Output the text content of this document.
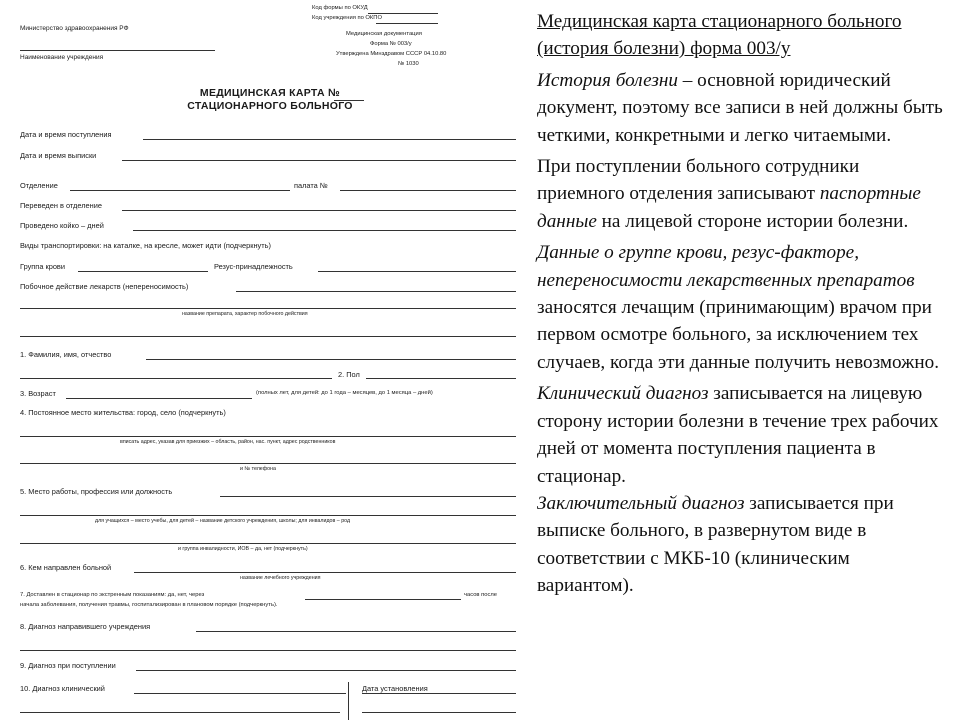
Министерство здравоохранения РФ
Наименование учреждения
Код формы по ОКУД
Код учреждения по ОКПО
Медицинская документация
Форма № 003/у
Утверждена Минздравом СССР 04.10.80
№ 1030
МЕДИЦИНСКАЯ КАРТА №
СТАЦИОНАРНОГО БОЛЬНОГО
Дата и время поступления
Дата и время выписки
Отделение	палата №
Переведен в отделение
Проведено койко – дней
Виды транспортировки: на каталке, на кресле, может идти (подчеркнуть)
Группа крови	Резус-принадлежность
Побочное действие лекарств (непереносимость)
название препарата, характер побочного действия
1. Фамилия, имя, отчество
2. Пол
3. Возраст	(полных лет, для детей: до 1 года – месяцев, до 1 месяца – дней)
4. Постоянное место жительства: город, село (подчеркнуть)
вписать адрес, указав для приезжих – область, район, нас. пункт, адрес родственников
и № телефона
5. Место работы, профессия или должность
для учащихся – место учебы, для детей – название детского учреждения, школы; для инвалидов – род
и группа инвалидности, ИОВ – да, нет (подчеркнуть)
6. Кем направлен больной
название лечебного учреждения
7. Доставлен в стационар по экстренным показаниям: да, нет, через	часов после
начала заболевания, получения травмы, госпитализирован в плановом порядке (подчеркнуть).
8. Диагноз направившего учреждения
9. Диагноз при поступлении
10. Диагноз клинический	Дата установления

Медицинская карта стационарного больного (история болезни) форма 003/у

История болезни – основной юридический документ, поэтому все записи в ней должны быть четкими, конкретными и легко читаемыми.

При поступлении больного сотрудники приемного отделения записывают паспортные данные на лицевой стороне истории болезни.

Данные о группе крови, резус-факторе, непереносимости лекарственных препаратов заносятся лечащим (принимающим) врачом при первом осмотре больного, за исключением тех случаев, когда эти данные получить невозможно.

Клинический диагноз записывается на лицевую сторону истории болезни в течение трех рабочих дней от момента поступления пациента в стационар.
Заключительный диагноз записывается при выписке больного, в развернутом виде в соответствии с МКБ-10 (клиническим вариантом).
